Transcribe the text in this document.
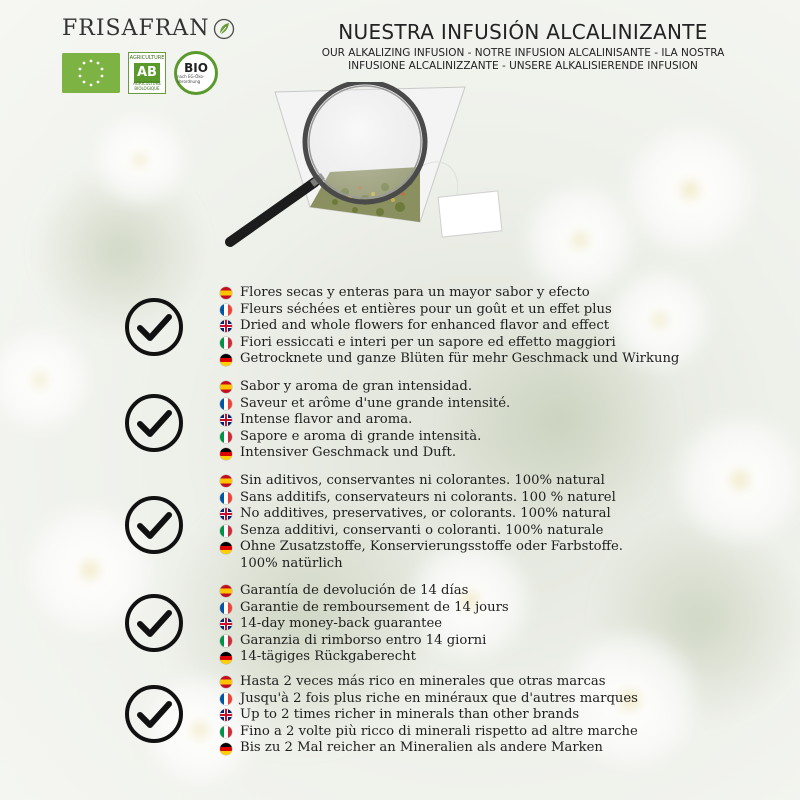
FRISAFRAN
AGRICULTURE
AB
AGRICULTURE BIOLOGIQUE
BIO
nach EG-Öko-Verordnung
NUESTRA INFUSIÓN ALCALINIZANTE
OUR ALKALIZING INFUSION - NOTRE INFUSION ALCALINISANTE - ILA NOSTRA INFUSIONE ALCALINIZZANTE - UNSERE ALKALISIERENDE INFUSION
Flores secas y enteras para un mayor sabor y efecto
Fleurs séchées et entières pour un goût et un effet plus
Dried and whole flowers for enhanced flavor and effect
Fiori essiccati e interi per un sapore ed effetto maggiori
Getrocknete und ganze Blüten für mehr Geschmack und Wirkung
Sabor y aroma de gran intensidad.
Saveur et arôme d'une grande intensité.
Intense flavor and aroma.
Sapore e aroma di grande intensità.
Intensiver Geschmack und Duft.
Sin aditivos, conservantes ni colorantes. 100% natural
Sans additifs, conservateurs ni colorants. 100 % naturel
No additives, preservatives, or colorants. 100% natural
Senza additivi, conservanti o coloranti. 100% naturale
Ohne Zusatzstoffe, Konservierungsstoffe oder Farbstoffe.
100% natürlich
Garantía de devolución de 14 días
Garantie de remboursement de 14 jours
14-day money-back guarantee
Garanzia di rimborso entro 14 giorni
14-tägiges Rückgaberecht
Hasta 2 veces más rico en minerales que otras marcas
Jusqu'à 2 fois plus riche en minéraux que d'autres marques
Up to 2 times richer in minerals than other brands
Fino a 2 volte più ricco di minerali rispetto ad altre marche
Bis zu 2 Mal reicher an Mineralien als andere Marken
